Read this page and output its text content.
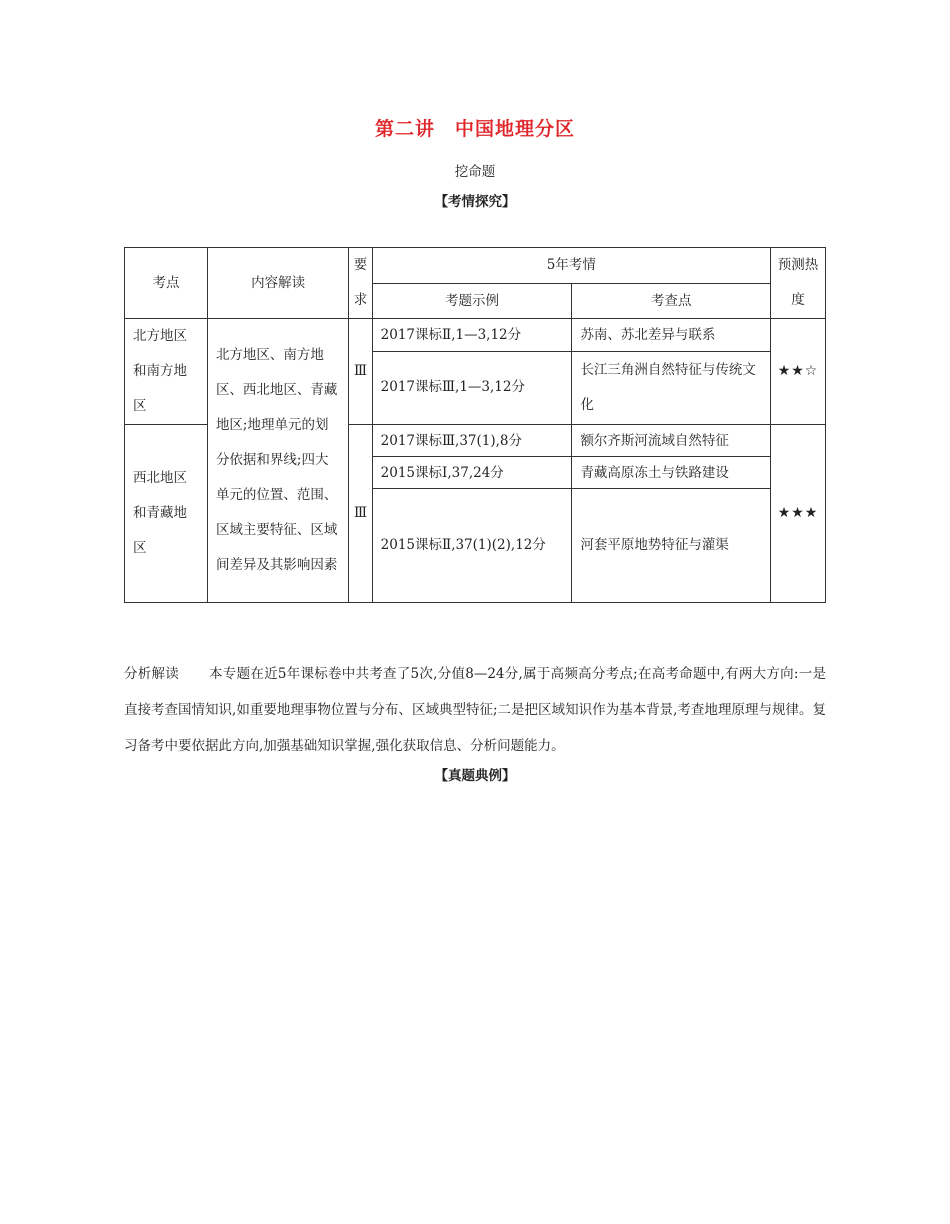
第二讲　中国地理分区
挖命题
【考情探究】
考点	内容解读	要求	5年考情		预测热度
			考题示例	考查点	
北方地区和南方地区	北方地区、南方地区、西北地区、青藏地区;地理单元的划分依据和界线;四大单元的位置、范围、区域主要特征、区域间差异及其影响因素	Ⅲ	2017课标Ⅱ,1—3,12分	苏南、苏北差异与联系	★★☆
			2017课标Ⅲ,1—3,12分	长江三角洲自然特征与传统文化	
西北地区和青藏地区		Ⅲ	2017课标Ⅲ,37(1),8分	额尔齐斯河流域自然特征	★★★
			2015课标Ⅰ,37,24分	青藏高原冻土与铁路建设	
			2015课标Ⅱ,37(1)(2),12分	河套平原地势特征与灌渠	
分析解读 本专题在近5年课标卷中共考查了5次,分值8—24分,属于高频高分考点;在高考命题中,有两大方向:一是直接考查国情知识,如重要地理事物位置与分布、区域典型特征;二是把区域知识作为基本背景,考查地理原理与规律。复习备考中要依据此方向,加强基础知识掌握,强化获取信息、分析问题能力。
【真题典例】
